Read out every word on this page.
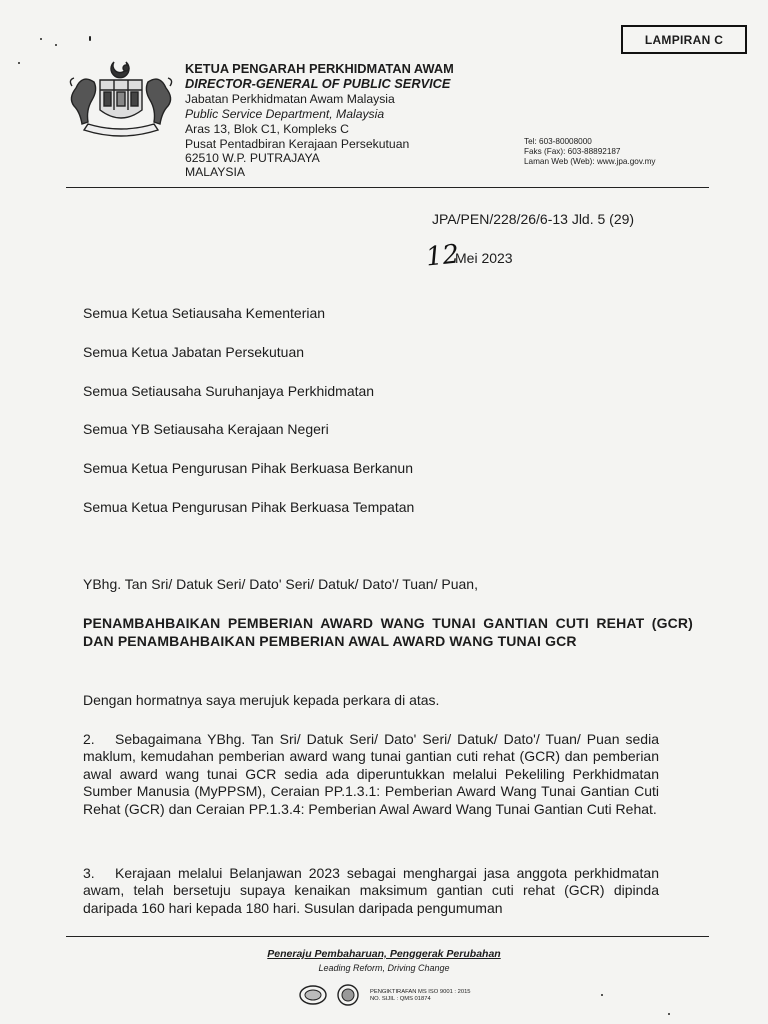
LAMPIRAN C
KETUA PENGARAH PERKHIDMATAN AWAM
DIRECTOR-GENERAL OF PUBLIC SERVICE
Jabatan Perkhidmatan Awam Malaysia
Public Service Department, Malaysia
Aras 13, Blok C1, Kompleks C
Pusat Pentadbiran Kerajaan Persekutuan
62510 W.P. PUTRAJAYA
MALAYSIA
Tel: 603-80008000
Faks (Fax): 603-88892187
Laman Web (Web): www.jpa.gov.my
JPA/PEN/228/26/6-13 Jld. 5 (29)
12
Mei 2023
Semua Ketua Setiausaha Kementerian
Semua Ketua Jabatan Persekutuan
Semua Setiausaha Suruhanjaya Perkhidmatan
Semua YB Setiausaha Kerajaan Negeri
Semua Ketua Pengurusan Pihak Berkuasa Berkanun
Semua Ketua Pengurusan Pihak Berkuasa Tempatan
YBhg. Tan Sri/ Datuk Seri/ Dato' Seri/ Datuk/ Dato'/ Tuan/ Puan,
PENAMBAHBAIKAN PEMBERIAN AWARD WANG TUNAI GANTIAN CUTI REHAT (GCR) DAN PENAMBAHBAIKAN PEMBERIAN AWAL AWARD WANG TUNAI GCR
Dengan hormatnya saya merujuk kepada perkara di atas.
2. Sebagaimana YBhg. Tan Sri/ Datuk Seri/ Dato' Seri/ Datuk/ Dato'/ Tuan/ Puan sedia maklum, kemudahan pemberian award wang tunai gantian cuti rehat (GCR) dan pemberian awal award wang tunai GCR sedia ada diperuntukkan melalui Pekeliling Perkhidmatan Sumber Manusia (MyPPSM), Ceraian PP.1.3.1: Pemberian Award Wang Tunai Gantian Cuti Rehat (GCR) dan Ceraian PP.1.3.4: Pemberian Awal Award Wang Tunai Gantian Cuti Rehat.
3. Kerajaan melalui Belanjawan 2023 sebagai menghargai jasa anggota perkhidmatan awam, telah bersetuju supaya kenaikan maksimum gantian cuti rehat (GCR) dipinda daripada 160 hari kepada 180 hari. Susulan daripada pengumuman
Peneraju Pembaharuan, Penggerak Perubahan
Leading Reform, Driving Change
PENGIKTIRAFAN MS ISO 9001 : 2015
NO. SIJIL : QMS 01874
